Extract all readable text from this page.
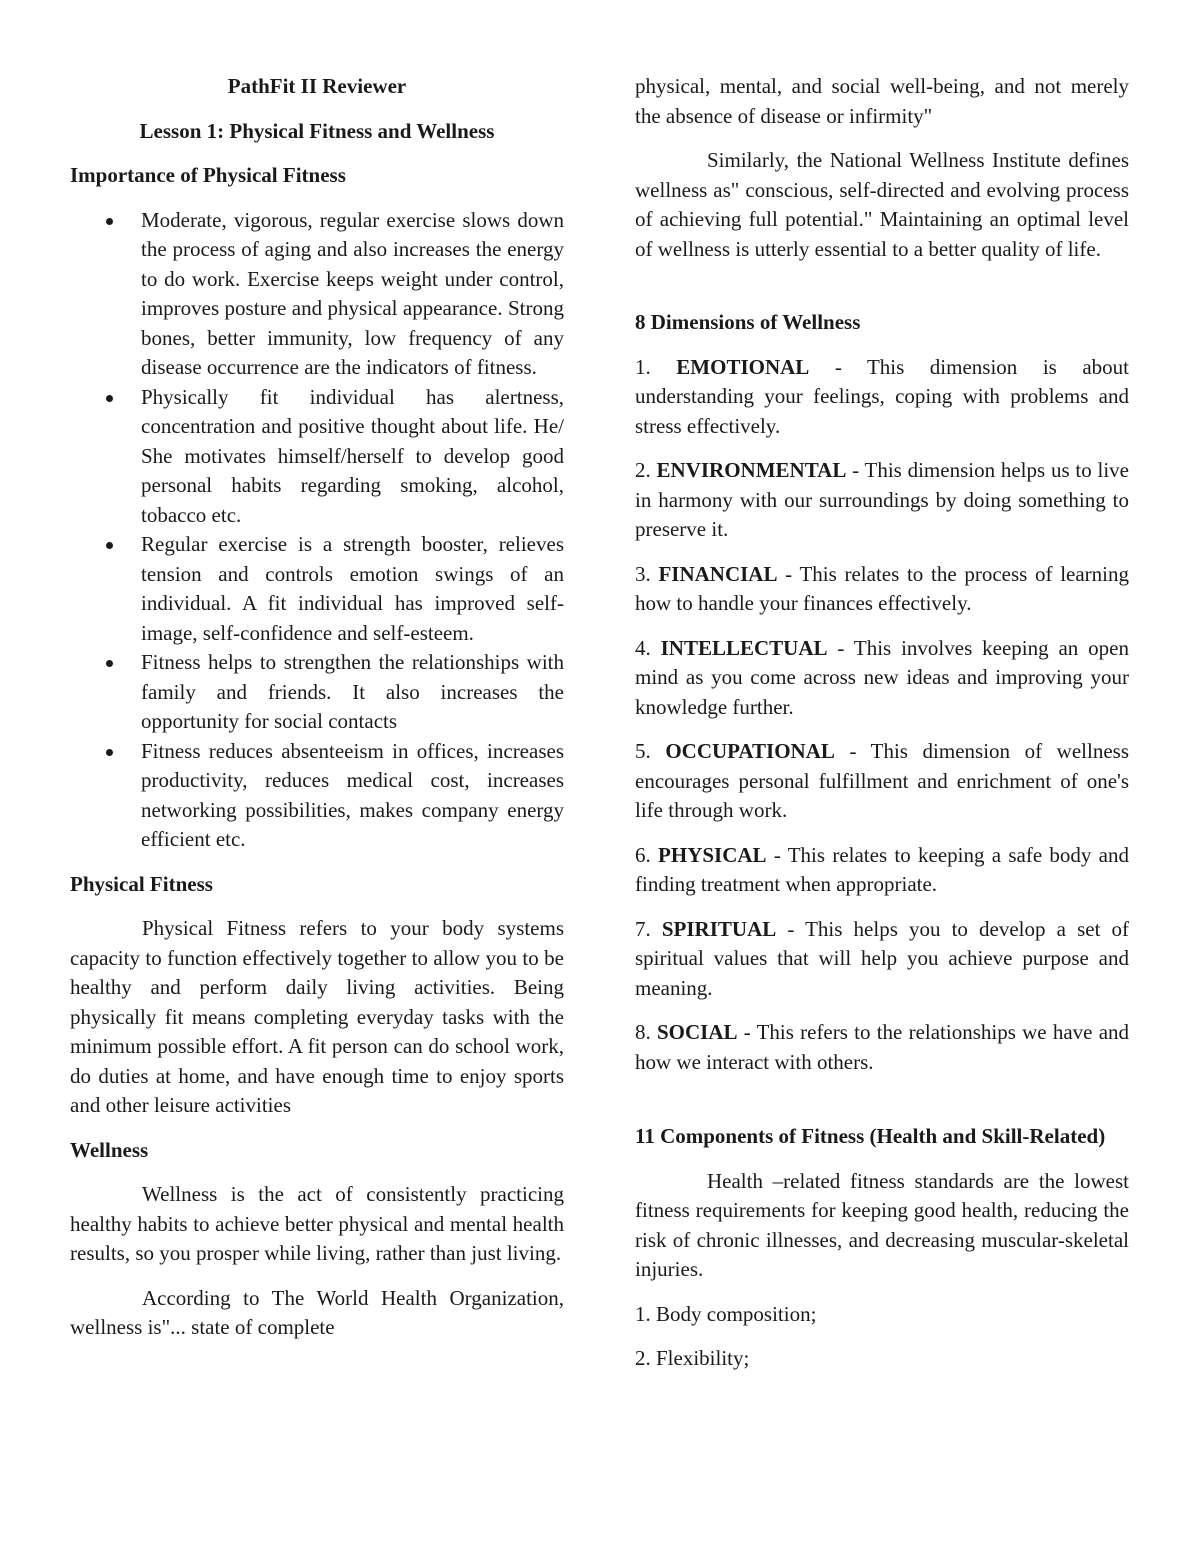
PathFit II Reviewer

Lesson 1: Physical Fitness and Wellness

Importance of Physical Fitness

Moderate, vigorous, regular exercise slows down the process of aging and also increases the energy to do work. Exercise keeps weight under control, improves posture and physical appearance. Strong bones, better immunity, low frequency of any disease occurrence are the indicators of fitness.
Physically fit individual has alertness, concentration and positive thought about life. He/ She motivates himself/herself to develop good personal habits regarding smoking, alcohol, tobacco etc.
Regular exercise is a strength booster, relieves tension and controls emotion swings of an individual. A fit individual has improved self-image, self-confidence and self-esteem.
Fitness helps to strengthen the relationships with family and friends. It also increases the opportunity for social contacts
Fitness reduces absenteeism in offices, increases productivity, reduces medical cost, increases networking possibilities, makes company energy efficient etc.

Physical Fitness

Physical Fitness refers to your body systems capacity to function effectively together to allow you to be healthy and perform daily living activities. Being physically fit means completing everyday tasks with the minimum possible effort. A fit person can do school work, do duties at home, and have enough time to enjoy sports and other leisure activities

Wellness

Wellness is the act of consistently practicing healthy habits to achieve better physical and mental health results, so you prosper while living, rather than just living.

According to The World Health Organization, wellness is"... state of complete

physical, mental, and social well-being, and not merely the absence of disease or infirmity"

Similarly, the National Wellness Institute defines wellness as" conscious, self-directed and evolving process of achieving full potential." Maintaining an optimal level of wellness is utterly essential to a better quality of life.

8 Dimensions of Wellness

1. EMOTIONAL - This dimension is about understanding your feelings, coping with problems and stress effectively.

2. ENVIRONMENTAL - This dimension helps us to live in harmony with our surroundings by doing something to preserve it.

3. FINANCIAL - This relates to the process of learning how to handle your finances effectively.

4. INTELLECTUAL - This involves keeping an open mind as you come across new ideas and improving your knowledge further.

5. OCCUPATIONAL - This dimension of wellness encourages personal fulfillment and enrichment of one's life through work.

6. PHYSICAL - This relates to keeping a safe body and finding treatment when appropriate.

7. SPIRITUAL - This helps you to develop a set of spiritual values that will help you achieve purpose and meaning.

8. SOCIAL - This refers to the relationships we have and how we interact with others.

11 Components of Fitness (Health and Skill-Related)

Health –related fitness standards are the lowest fitness requirements for keeping good health, reducing the risk of chronic illnesses, and decreasing muscular-skeletal injuries.

1. Body composition;

2. Flexibility;
